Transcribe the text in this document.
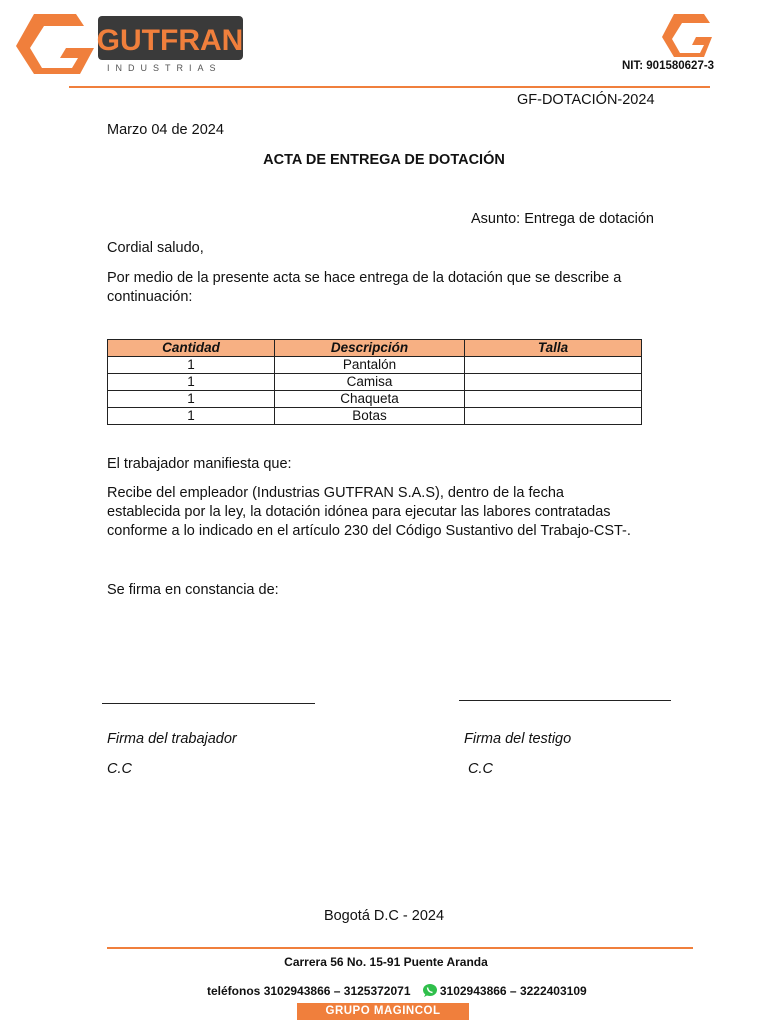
GUTFRAN
INDUSTRIAS	NIT: 901580627-3
GF-DOTACIÓN-2024
Marzo 04 de 2024
ACTA DE ENTREGA DE DOTACIÓN
Asunto: Entrega de dotación
Cordial saludo,
Por medio de la presente acta se hace entrega de la dotación que se describe a continuación:
Cantidad	Descripción	Talla
1	Pantalón	
1	Camisa	
1	Chaqueta	
1	Botas	
El trabajador manifiesta que:
Recibe del empleador (Industrias GUTFRAN S.A.S), dentro de la fecha
establecida por la ley, la dotación idónea para ejecutar las labores contratadas
conforme a lo indicado en el artículo 230 del Código Sustantivo del Trabajo-CST-.
Se firma en constancia de:
Firma del trabajador
C.C
Firma del testigo
C.C
Bogotá D.C - 2024
Carrera 56 No. 15-91 Puente Aranda
teléfonos 3102943866 – 3125372071 3102943866 – 3222403109
GRUPO MAGINCOL
